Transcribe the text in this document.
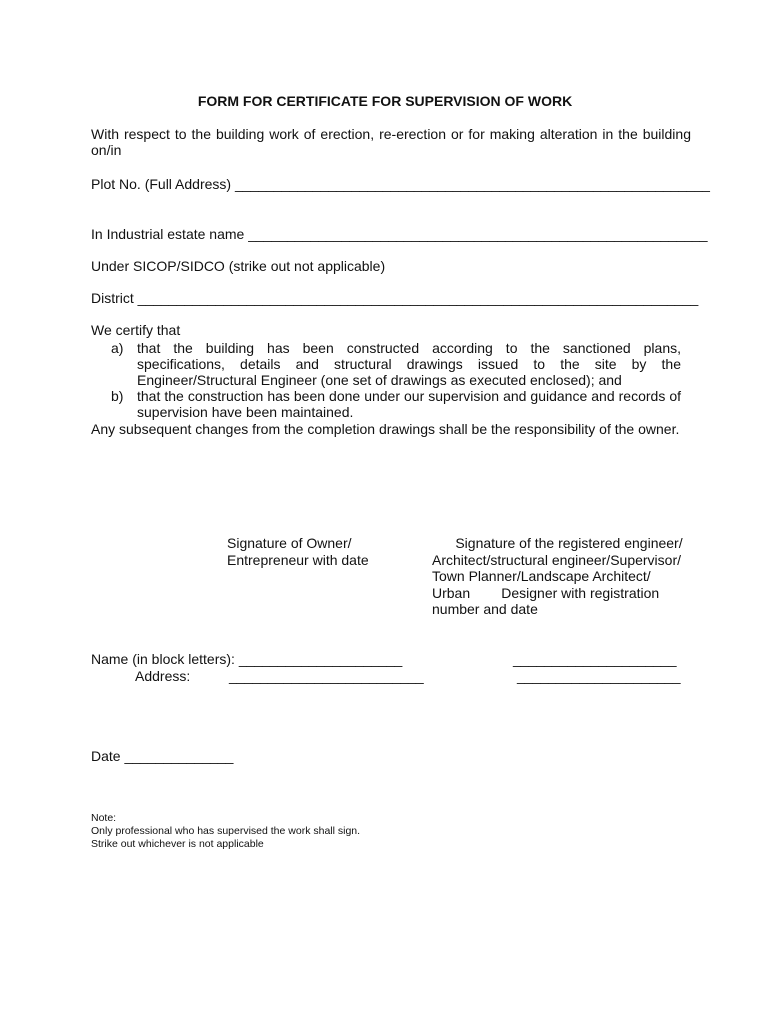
FORM FOR CERTIFICATE FOR SUPERVISION OF WORK
With respect to the building work of erection, re-erection or for making alteration in the building on/in
Plot No. (Full Address) _____________________________________________________________
In Industrial estate name ___________________________________________________________
Under SICOP/SIDCO (strike out not applicable)
District ________________________________________________________________________
We certify that
a) that the building has been constructed according to the sanctioned plans, specifications, details and structural drawings issued to the site by the Engineer/Structural Engineer (one set of drawings as executed enclosed); and
b) that the construction has been done under our supervision and guidance and records of supervision have been maintained.
Any subsequent changes from the completion drawings shall be the responsibility of the owner.
Signature of Owner/
Entrepreneur with date
Signature of the registered engineer/
Architect/structural engineer/Supervisor/
Town Planner/Landscape Architect/
Urban        Designer with registration
number and date
Name (in block letters): _____________________	_____________________
Address:	_________________________	_____________________
Date ______________
Note:
Only professional who has supervised the work shall sign.
Strike out whichever is not applicable
